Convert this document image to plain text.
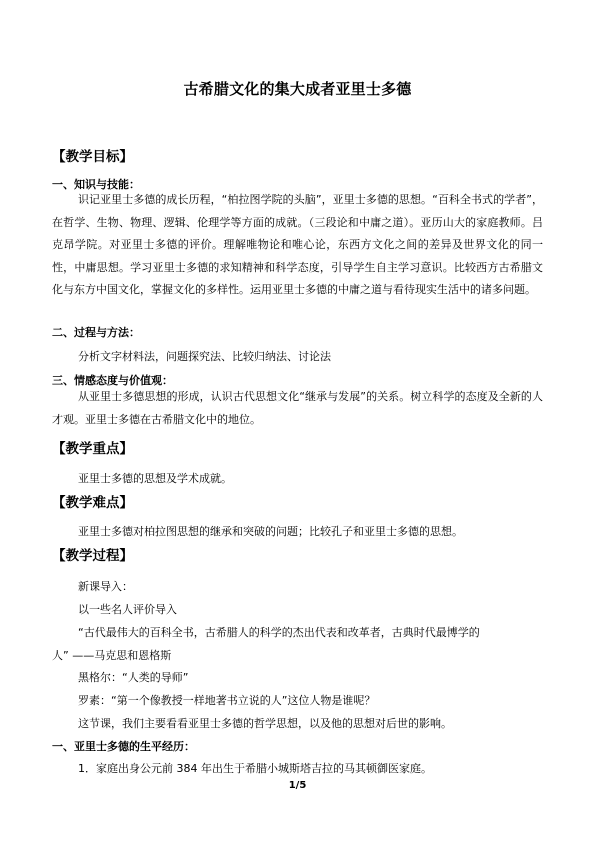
古希腊文化的集大成者亚里士多德
【教学目标】
一、知识与技能：

识记亚里士多德的成长历程，“柏拉图学院的头脑”，亚里士多德的思想。“百科全书式的学者”，在哲学、生物、物理、逻辑、伦理学等方面的成就。（三段论和中庸之道）。亚历山大的家庭教师。吕克昂学院。对亚里士多德的评价。理解唯物论和唯心论，东西方文化之间的差异及世界文化的同一性，中庸思想。学习亚里士多德的求知精神和科学态度，引导学生自主学习意识。比较西方古希腊文化与东方中国文化，掌握文化的多样性。运用亚里士多德的中庸之道与看待现实生活中的诸多问题。

二、过程与方法：
分析文字材料法，问题探究法、比较归纳法、讨论法
三、情感态度与价值观：

从亚里士多德思想的形成，认识古代思想文化“继承与发展”的关系。树立科学的态度及全新的人才观。亚里士多德在古希腊文化中的地位。

【教学重点】
亚里士多德的思想及学术成就。
【教学难点】
亚里士多德对柏拉图思想的继承和突破的问题；比较孔子和亚里士多德的思想。
【教学过程】
新课导入：
以一些名人评价导入
“古代最伟大的百科全书，古希腊人的科学的杰出代表和改革者，古典时代最博学的
人” ——马克思和恩格斯
黑格尔：“人类的导师”
罗素：“第一个像教授一样地著书立说的人”这位人物是谁呢？
这节课，我们主要看看亚里士多德的哲学思想，以及他的思想对后世的影响。
一、亚里士多德的生平经历：
1．家庭出身公元前 384 年出生于希腊小城斯塔吉拉的马其顿御医家庭。
1/5
